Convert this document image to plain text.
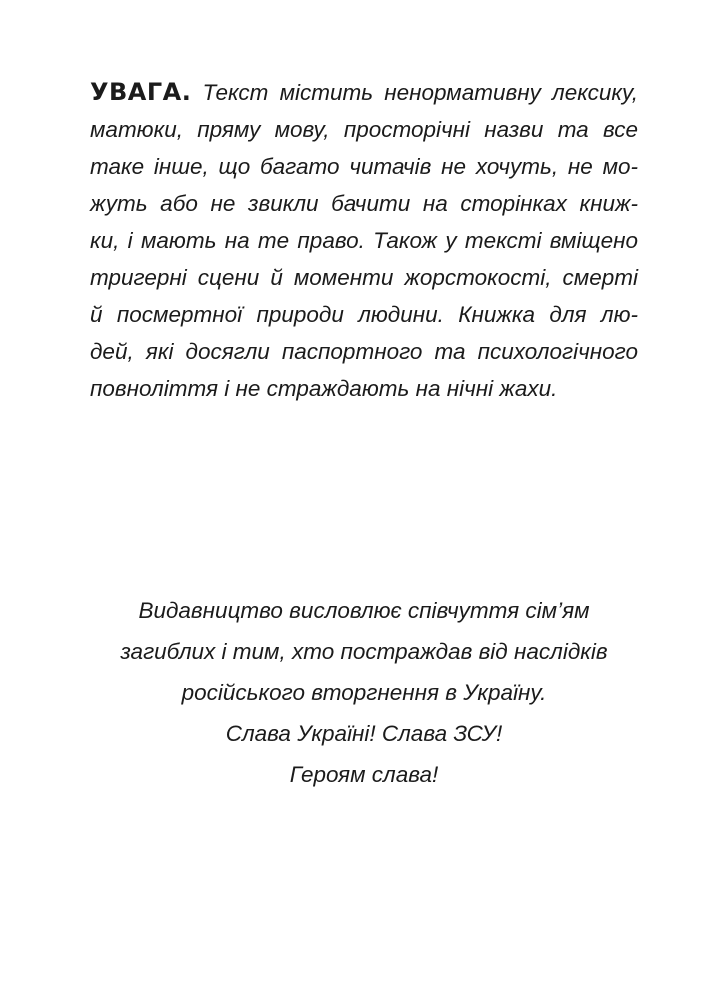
УВАГА. Текст містить ненормативну лексику,
матюки, пряму мову, просторічні назви та все
таке інше, що багато читачів не хочуть, не мо-
жуть або не звикли бачити на сторінках книж-
ки, і мають на те право. Також у тексті вміщено
тригерні сцени й моменти жорстокості, смерті
й посмертної природи людини. Книжка для лю-
дей, які досягли паспортного та психологічного
повноліття і не страждають на нічні жахи.
Видавництво висловлює співчуття сім’ям
загиблих і тим, хто постраждав від наслідків
російського вторгнення в Україну.
Слава Україні! Слава ЗСУ!
Героям слава!
